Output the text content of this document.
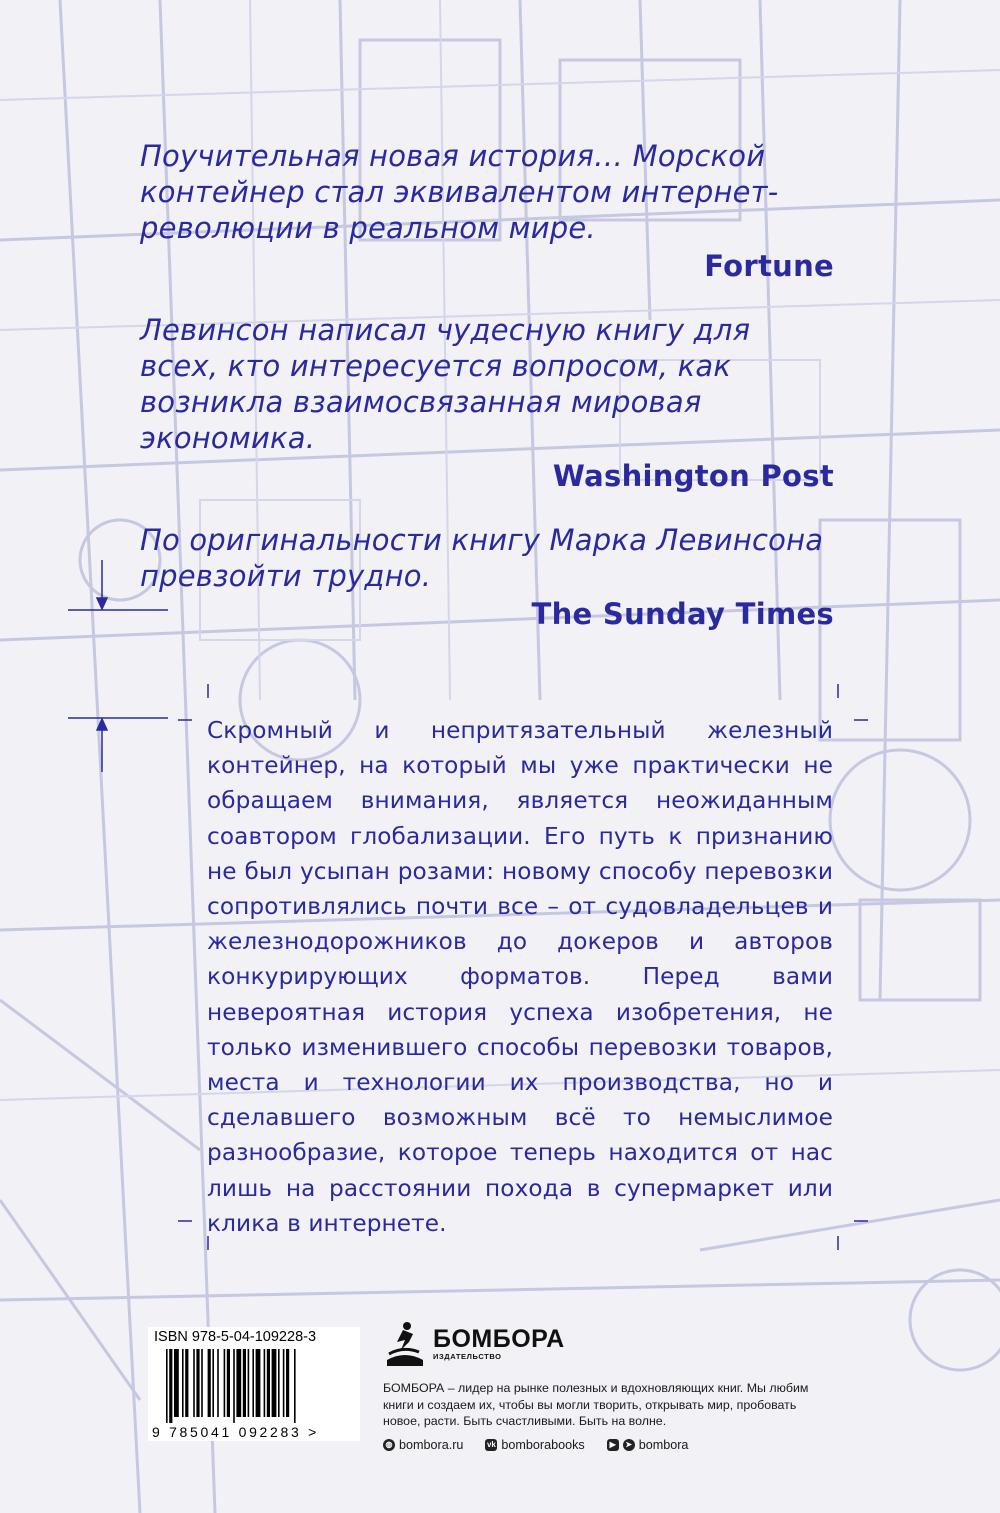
Поучительная новая история… Морской контейнер стал эквивалентом интернет-революции в реальном мире.

Fortune

Левинсон написал чудесную книгу для всех, кто интересуется вопросом, как возникла взаимосвязанная мировая экономика.

Washington Post

По оригинальности книгу Марка Левинсона превзойти трудно.

The Sunday Times

Скромный и непритязательный железный контейнер, на который мы уже практически не обращаем внимания, является неожиданным соавтором глобализации. Его путь к признанию не был усыпан розами: новому способу перевозки сопротивлялись почти все – от судовладельцев и железнодорожников до докеров и авторов конкурирующих форматов. Перед вами невероятная история успеха изобретения, не только изменившего способы перевозки товаров, места и технологии их производства, но и сделавшего возможным всё то немыслимое разнообразие, которое теперь находится от нас лишь на расстоянии похода в супермаркет или клика в интернете.

ISBN 978-5-04-109228-3
9 785041 092283 >
БОМБОРА
ИЗДАТЕЛЬСТВО
БОМБОРА – лидер на рынке полезных и вдохновляющих книг. Мы любим книги и создаем их, чтобы вы могли творить, открывать мир, пробовать новое, расти. Быть счастливыми. Быть на волне.
◍ bombora.ru	vk bomborabooks	▶	➤ bombora
